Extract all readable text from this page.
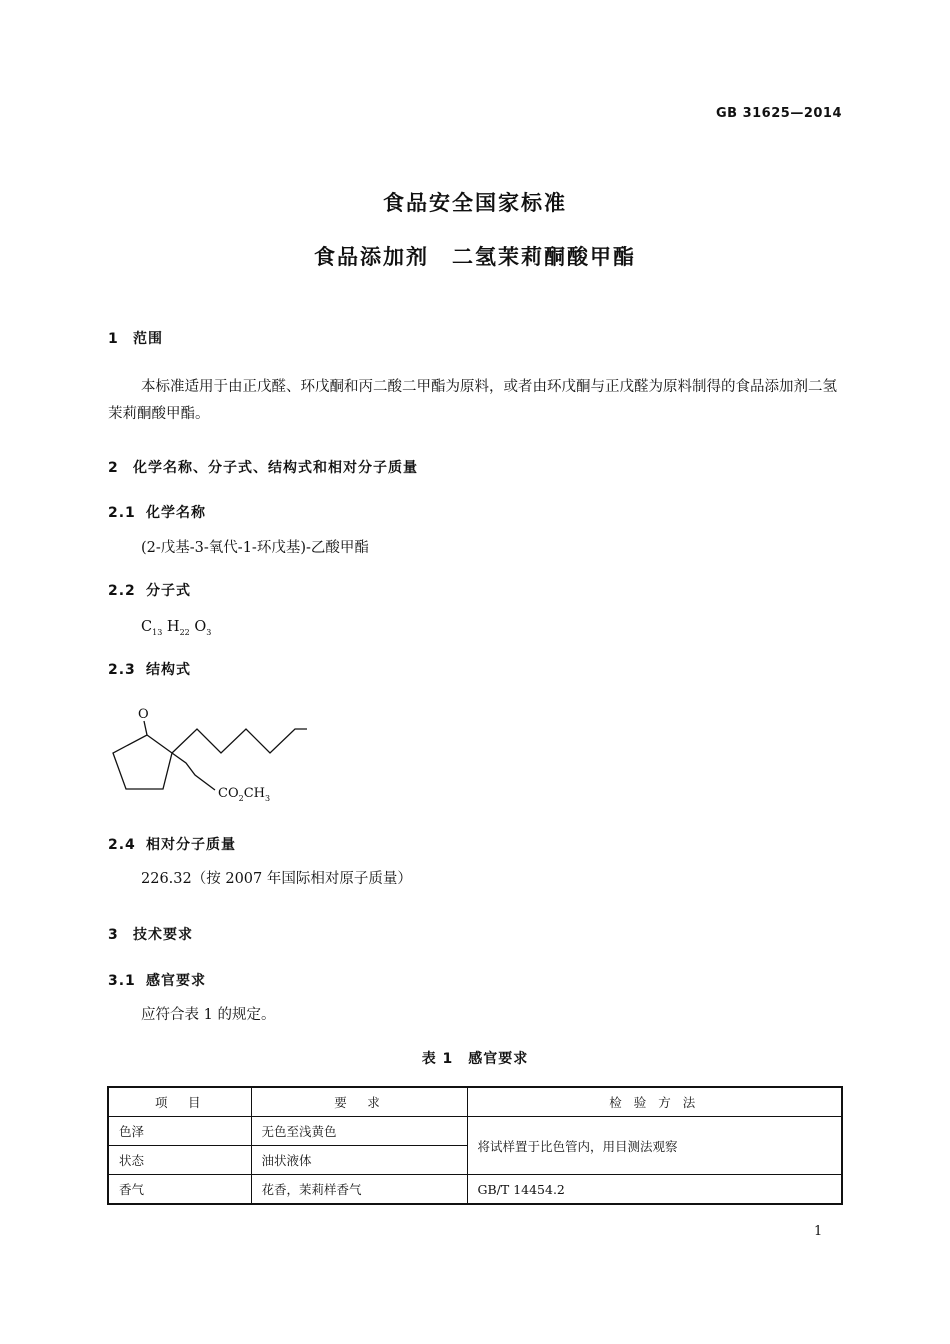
GB 31625—2014
食品安全国家标准
食品添加剂　二氢茉莉酮酸甲酯
1 范围
本标准适用于由正戊醛、环戊酮和丙二酸二甲酯为原料，或者由环戊酮与正戊醛为原料制得的食品添加剂二氢茉莉酮酸甲酯。
2 化学名称、分子式、结构式和相对分子质量
2.1 化学名称
(2-戊基-3-氧代-1-环戊基)-乙酸甲酯
2.2 分子式
$C_{13}$ $H_{22}$ $O_3$
2.3 结构式
O
$CO_2CH_3$
2.4 相对分子质量
226.32（按 2007 年国际相对原子质量）
3 技术要求
3.1 感官要求
应符合表 1 的规定。
表 1　感官要求
项　目	要　求	检 验 方 法
色泽	无色至浅黄色	将试样置于比色管内，用目测法观察
状态	油状液体	
香气	花香，茉莉样香气	GB/T 14454.2
1
